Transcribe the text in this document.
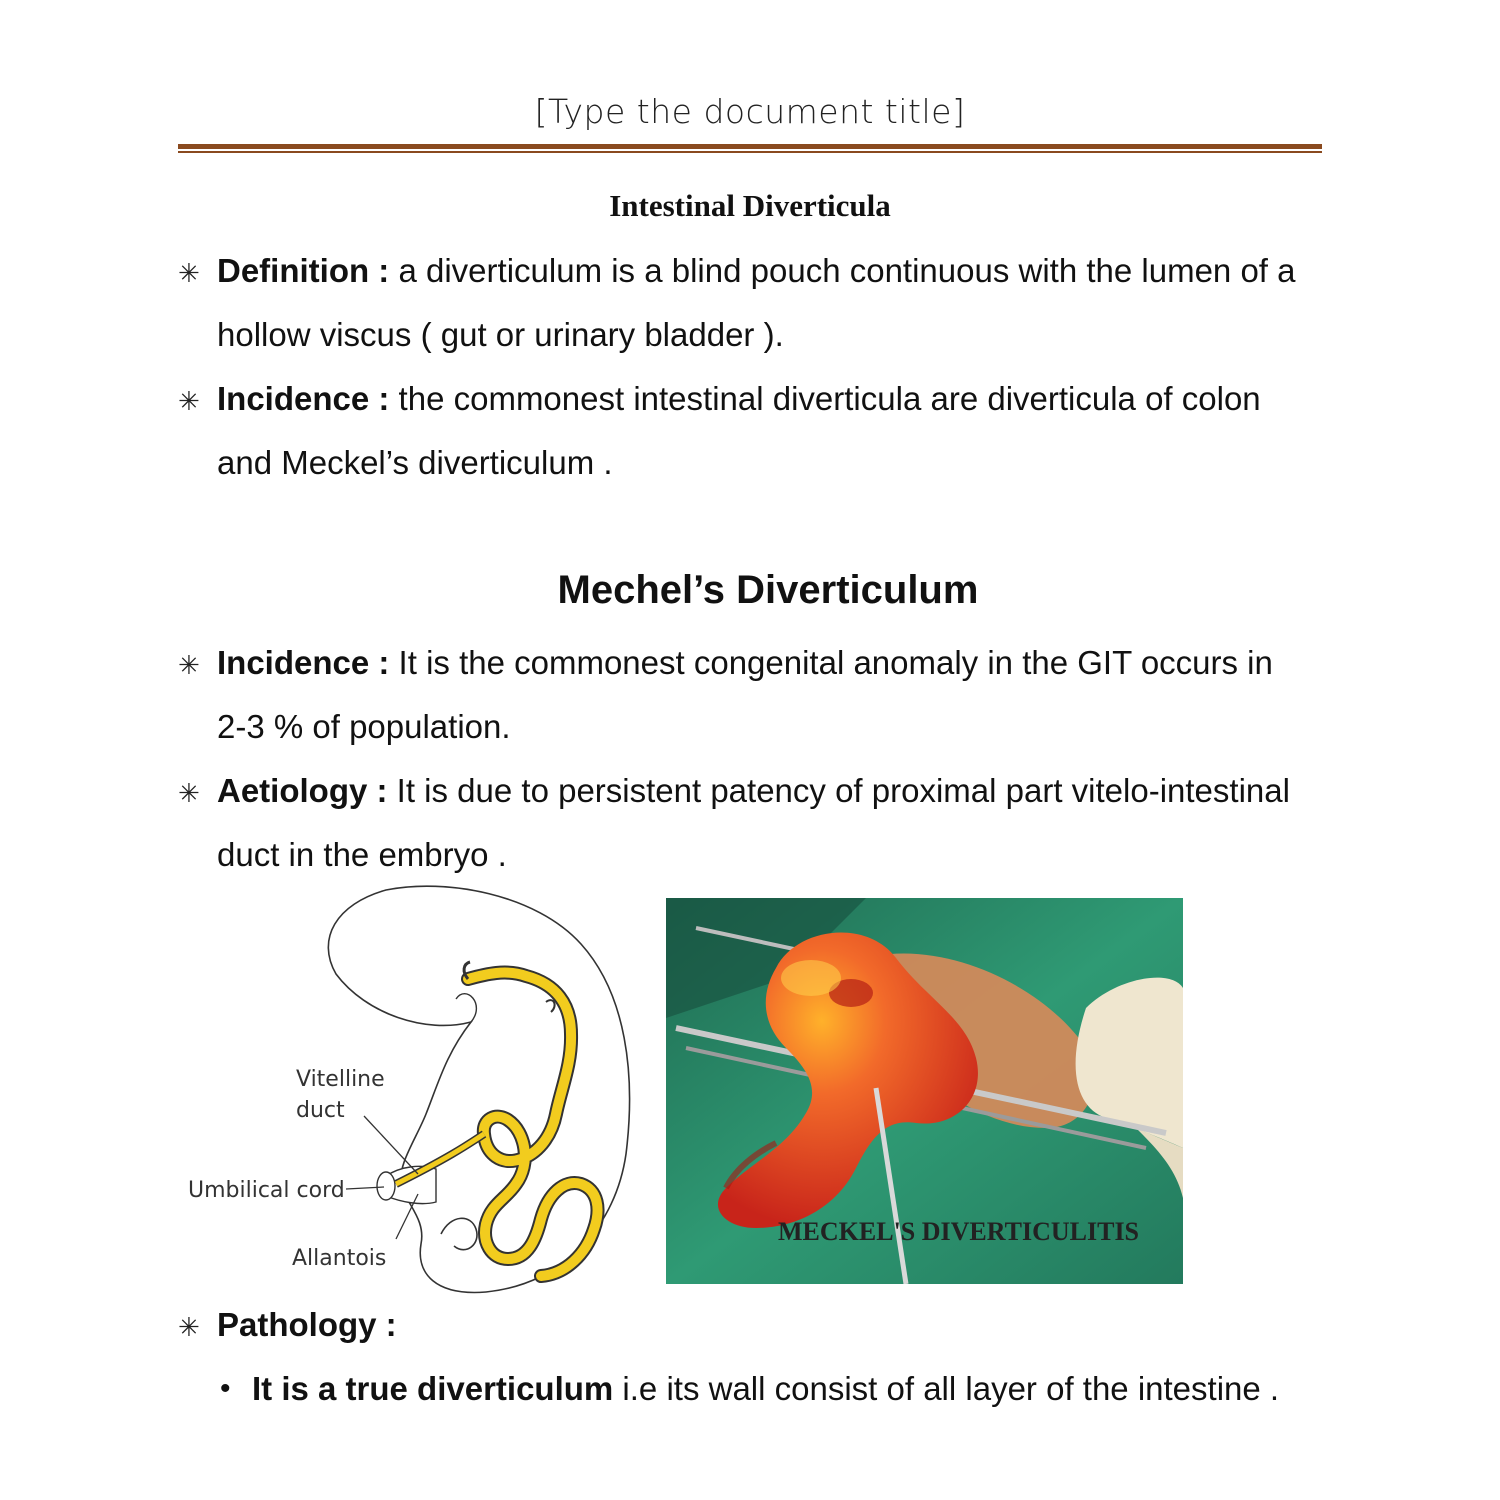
[Type the document title]
Intestinal Diverticula
✳ Definition : a diverticulum is a blind pouch continuous with the lumen of a hollow viscus ( gut or urinary bladder ).
✳ Incidence : the commonest intestinal diverticula are diverticula of colon and Meckel’s diverticulum .
Mechel’s Diverticulum
✳ Incidence : It is the commonest congenital anomaly in the GIT occurs in 2-3 % of population.
✳ Aetiology : It is due to persistent patency of proximal part vitelo-intestinal duct in the embryo .
Vitelline
duct
Umbilical cord
Allantois
MECKEL'S DIVERTICULITIS
✳ Pathology :
• It is a true diverticulum i.e its wall consist of all layer of the intestine .
